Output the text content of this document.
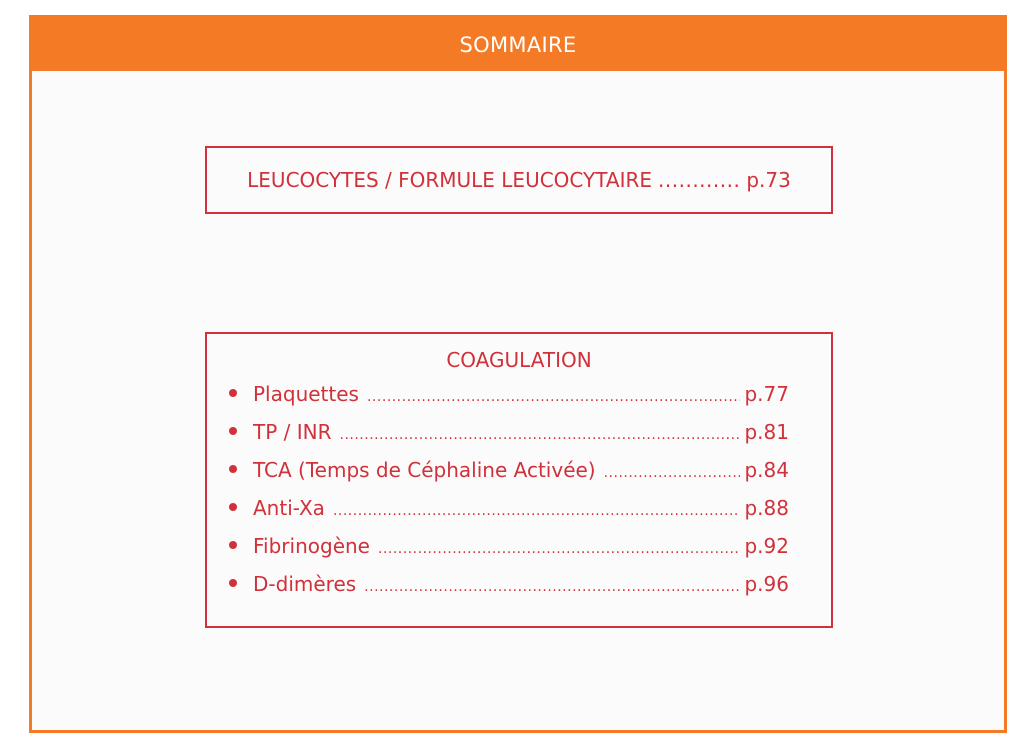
SOMMAIRE
LEUCOCYTES / FORMULE LEUCOCYTAIRE ............ p.73
COAGULATION
Plaquettes .....	p.77
TP / INR .....	p.81
TCA (Temps de Céphaline Activée) .....	p.84
Anti-Xa .....	p.88
Fibrinogène .....	p.92
D-dimères .....	p.96
